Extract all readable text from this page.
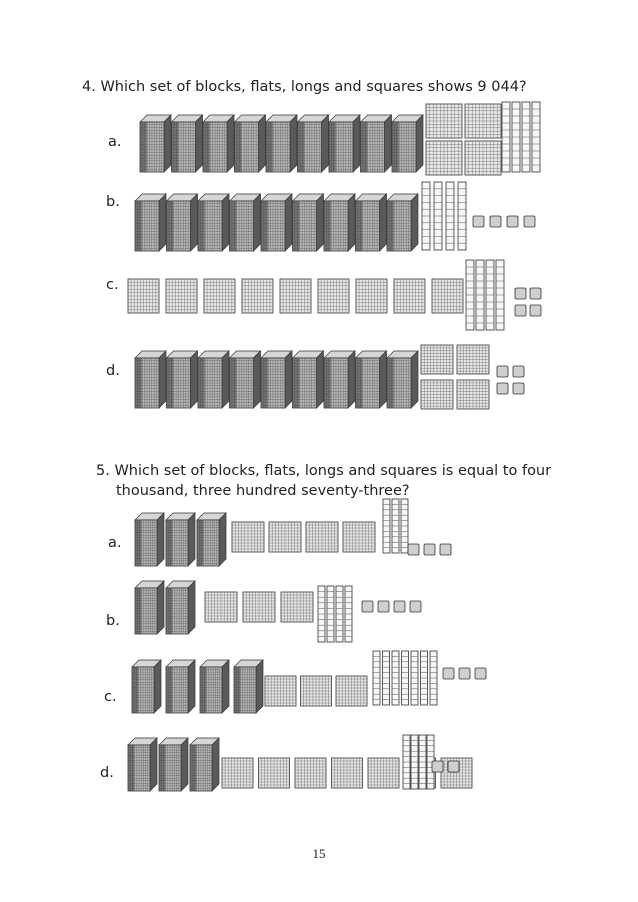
4. Which set of blocks, flats, longs and squares shows 9 044?
a.
b.
c.
d.
5. Which set of blocks, flats, longs and squares is equal to four
thousand, three hundred seventy-three?
a.
b.
c.
d.
15
